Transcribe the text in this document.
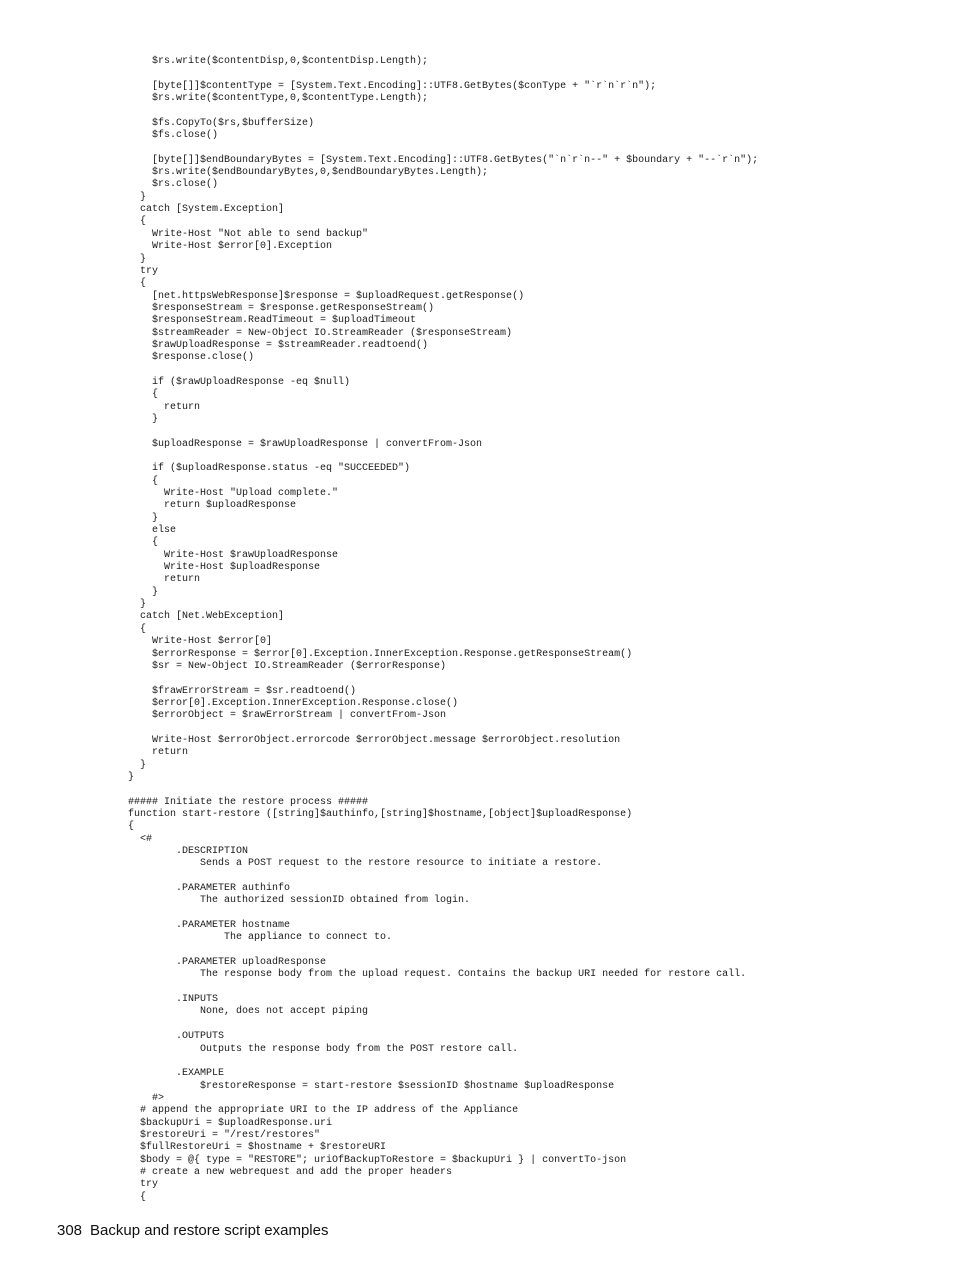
$rs.write($contentDisp,0,$contentDisp.Length);
[byte[]]$contentType = [System.Text.Encoding]::UTF8.GetBytes($conType + "`r`n`r`n");
$rs.write($contentType,0,$contentType.Length);
$fs.CopyTo($rs,$bufferSize)
$fs.close()
[byte[]]$endBoundaryBytes = [System.Text.Encoding]::UTF8.GetBytes("`n`r`n--" + $boundary + "--`r`n");
$rs.write($endBoundaryBytes,0,$endBoundaryBytes.Length);
$rs.close()
}
catch [System.Exception]
{
Write-Host "Not able to send backup"
Write-Host $error[0].Exception
}
try
{
[net.httpsWebResponse]$response = $uploadRequest.getResponse()
$responseStream = $response.getResponseStream()
$responseStream.ReadTimeout = $uploadTimeout
$streamReader = New-Object IO.StreamReader ($responseStream)
$rawUploadResponse = $streamReader.readtoend()
$response.close()
if ($rawUploadResponse -eq $null)
{
return
}
$uploadResponse = $rawUploadResponse | convertFrom-Json
if ($uploadResponse.status -eq "SUCCEEDED")
{
Write-Host "Upload complete."
return $uploadResponse
}
else
{
Write-Host $rawUploadResponse
Write-Host $uploadResponse
return
}
}
catch [Net.WebException]
{
Write-Host $error[0]
$errorResponse = $error[0].Exception.InnerException.Response.getResponseStream()
$sr = New-Object IO.StreamReader ($errorResponse)
$frawErrorStream = $sr.readtoend()
$error[0].Exception.InnerException.Response.close()
$errorObject = $rawErrorStream | convertFrom-Json
Write-Host $errorObject.errorcode $errorObject.message $errorObject.resolution
return
}
}
##### Initiate the restore process #####
function start-restore ([string]$authinfo,[string]$hostname,[object]$uploadResponse)
{
<#
.DESCRIPTION
Sends a POST request to the restore resource to initiate a restore.
.PARAMETER authinfo
The authorized sessionID obtained from login.
.PARAMETER hostname
The appliance to connect to.
.PARAMETER uploadResponse
The response body from the upload request. Contains the backup URI needed for restore call.
.INPUTS
None, does not accept piping
.OUTPUTS
Outputs the response body from the POST restore call.
.EXAMPLE
$restoreResponse = start-restore $sessionID $hostname $uploadResponse
#>
# append the appropriate URI to the IP address of the Appliance
$backupUri = $uploadResponse.uri
$restoreUri = "/rest/restores"
$fullRestoreUri = $hostname + $restoreURI
$body = @{ type = "RESTORE"; uriOfBackupToRestore = $backupUri } | convertTo-json
# create a new webrequest and add the proper headers
try
{
308 Backup and restore script examples
